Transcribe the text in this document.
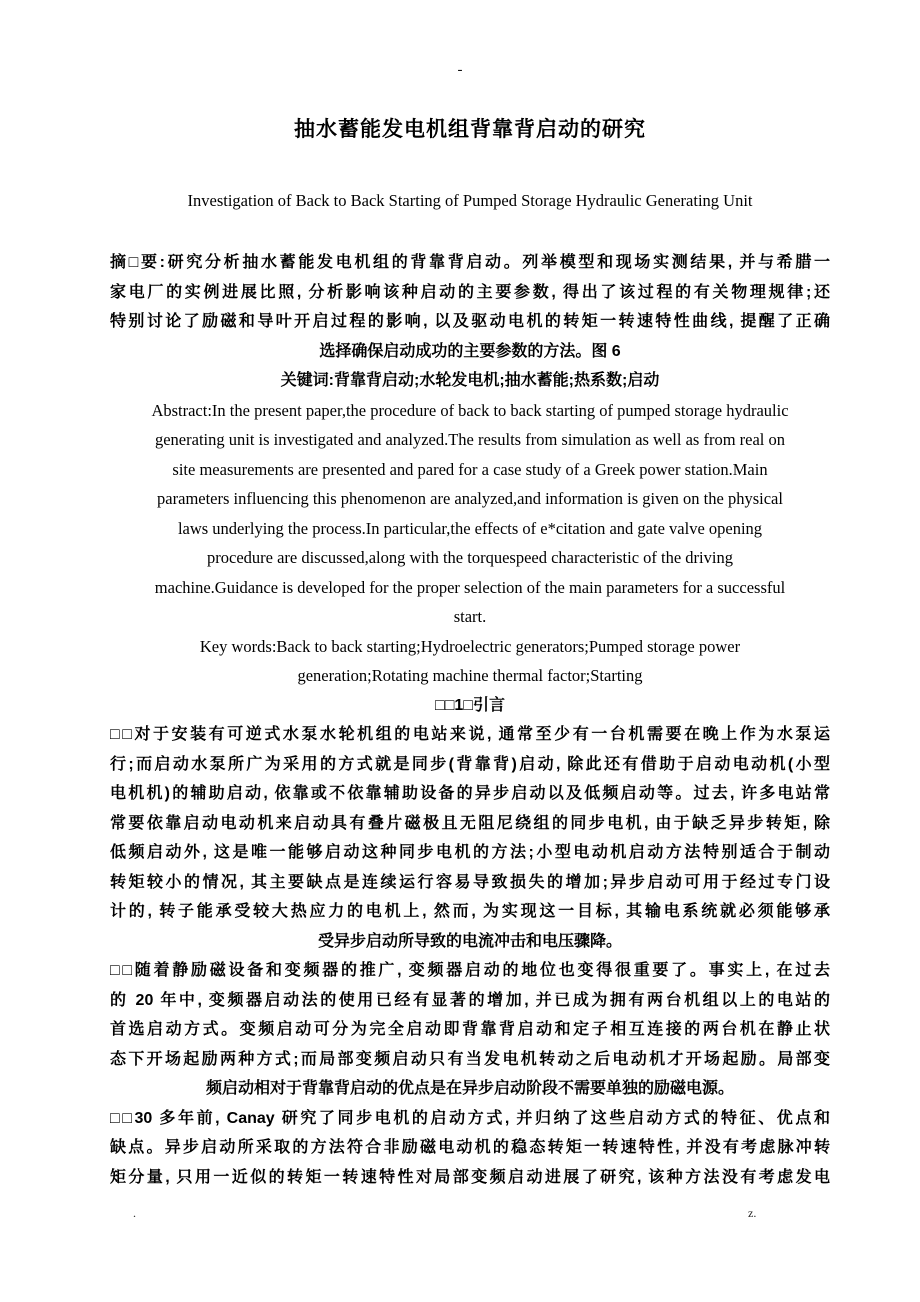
-
抽水蓄能发电机组背靠背启动的研究
Investigation of Back to Back Starting of Pumped Storage Hydraulic Generating Unit
摘□要:研究分析抽水蓄能发电机组的背靠背启动。列举模型和现场实测结果, 并与希腊一
家电厂的实例进展比照, 分析影响该种启动的主要参数, 得出了该过程的有关物理规律;还
特别讨论了励磁和导叶开启过程的影响, 以及驱动电机的转矩一转速特性曲线, 提醒了正确
选择确保启动成功的主要参数的方法。图 6
关键词:背靠背启动;水轮发电机;抽水蓄能;热系数;启动
Abstract:In the present paper,the procedure of back to back starting of pumped storage hydraulic
generating unit is investigated and analyzed.The results from simulation as well as from real on
site measurements are presented and pared for a case study of a Greek power station.Main
parameters influencing this phenomenon are analyzed,and information is given on the physical
laws underlying the process.In particular,the effects of e*citation and gate valve opening
procedure are discussed,along with the torquespeed characteristic of the driving
machine.Guidance is developed for the proper selection of the main parameters for a successful
start.
Key words:Back to back starting;Hydroelectric generators;Pumped storage power
generation;Rotating machine thermal factor;Starting
□□1□引言
□□对于安装有可逆式水泵水轮机组的电站来说, 通常至少有一台机需要在晚上作为水泵运
行;而启动水泵所广为采用的方式就是同步(背靠背)启动, 除此还有借助于启动电动机(小型
电机机)的辅助启动, 依靠或不依靠辅助设备的异步启动以及低频启动等。过去, 许多电站常
常要依靠启动电动机来启动具有叠片磁极且无阻尼绕组的同步电机, 由于缺乏异步转矩, 除
低频启动外, 这是唯一能够启动这种同步电机的方法;小型电动机启动方法特别适合于制动
转矩较小的情况, 其主要缺点是连续运行容易导致损失的增加;异步启动可用于经过专门设
计的, 转子能承受较大热应力的电机上, 然而, 为实现这一目标, 其输电系统就必须能够承
受异步启动所导致的电流冲击和电压骤降。
□□随着静励磁设备和变频器的推广, 变频器启动的地位也变得很重要了。事实上, 在过去
的 20 年中, 变频器启动法的使用已经有显著的增加, 并已成为拥有两台机组以上的电站的
首选启动方式。变频启动可分为完全启动即背靠背启动和定子相互连接的两台机在静止状
态下开场起励两种方式;而局部变频启动只有当发电机转动之后电动机才开场起励。局部变
频启动相对于背靠背启动的优点是在异步启动阶段不需要单独的励磁电源。
□□30 多年前, Canay 研究了同步电机的启动方式, 并归纳了这些启动方式的特征、优点和
缺点。异步启动所采取的方法符合非励磁电动机的稳态转矩一转速特性, 并没有考虑脉冲转
矩分量, 只用一近似的转矩一转速特性对局部变频启动进展了研究, 该种方法没有考虑发电
.	z.
